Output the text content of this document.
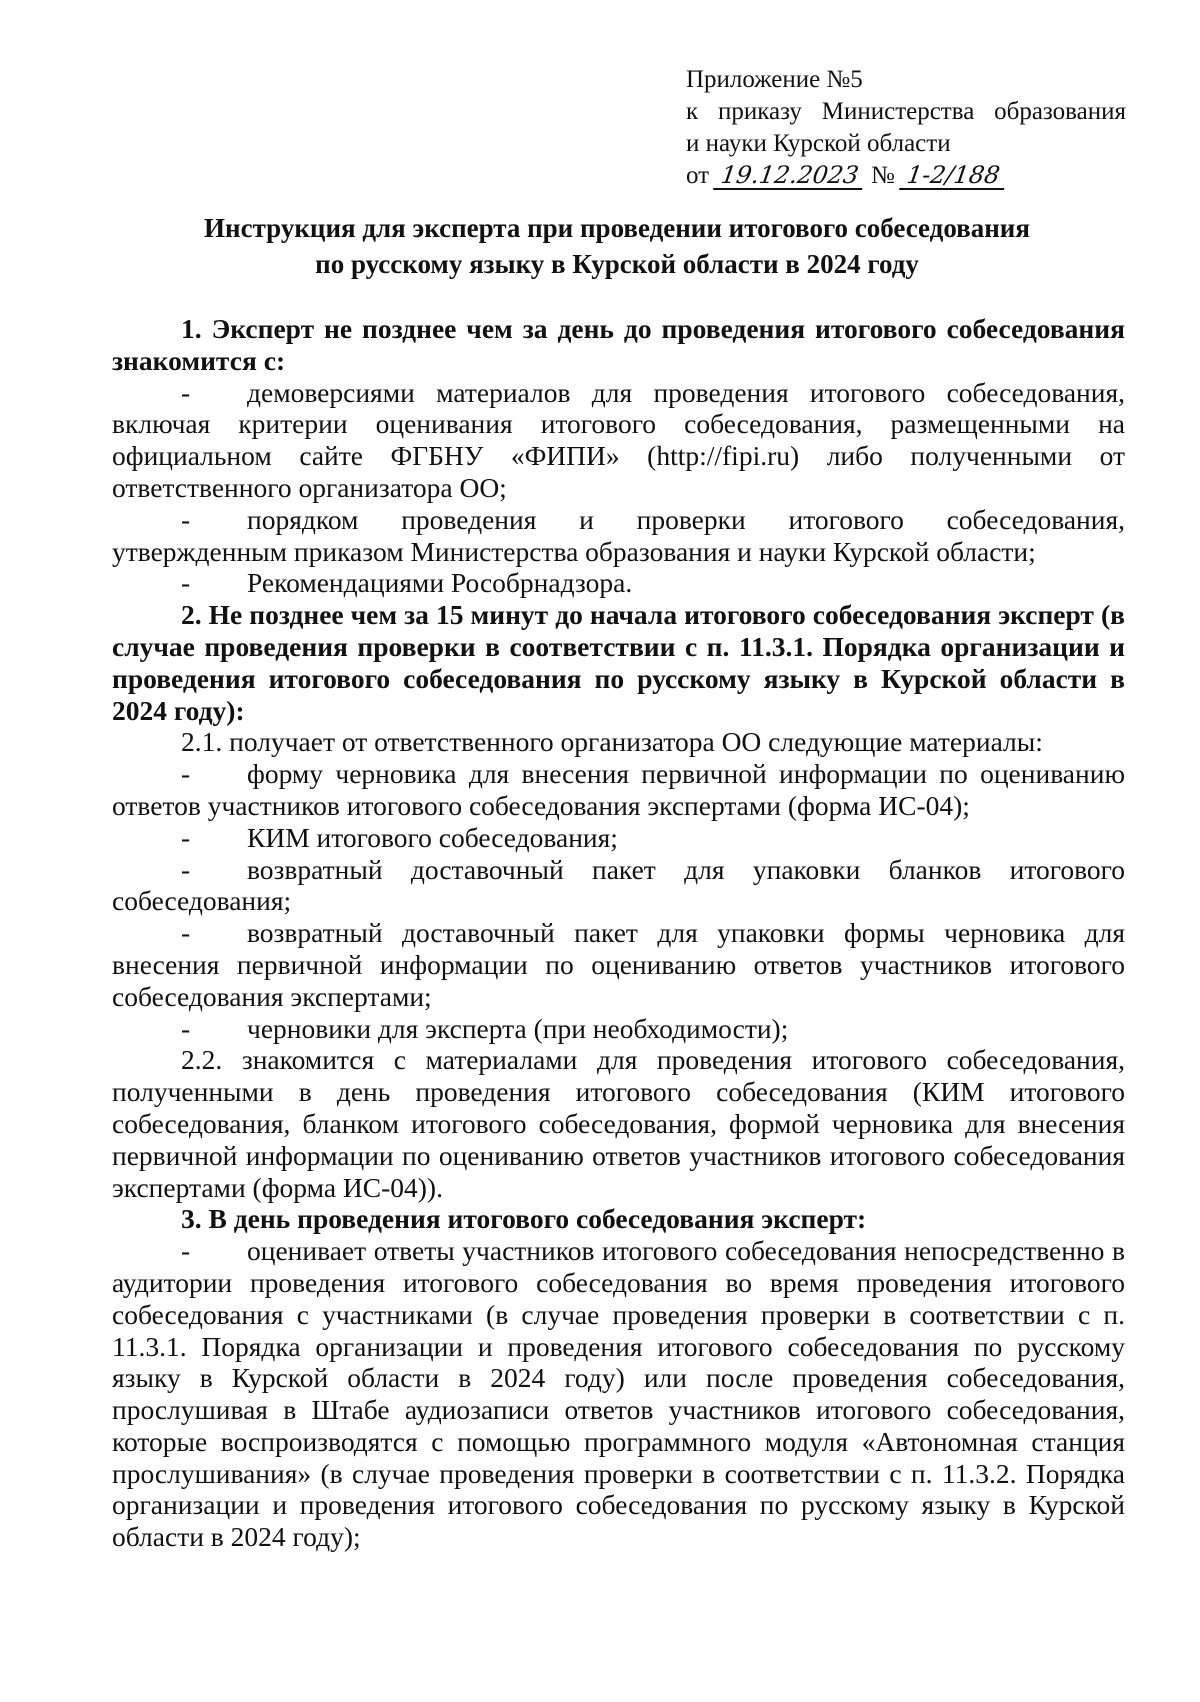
Приложение №5
к приказу Министерства образования
и науки Курской области
от 19.12.2023 № 1-2/188
Инструкция для эксперта при проведении итогового собеседования
по русскому языку в Курской области в 2024 году

1. Эксперт не позднее чем за день до проведения итогового собеседования знакомится с:

- демоверсиями материалов для проведения итогового собеседования, включая критерии оценивания итогового собеседования, размещенными на официальном сайте ФГБНУ «ФИПИ» (http://fipi.ru) либо полученными от ответственного организатора ОО;

- порядком проведения и проверки итогового собеседования, утвержденным приказом Министерства образования и науки Курской области;

- Рекомендациями Рособрнадзора.

2. Не позднее чем за 15 минут до начала итогового собеседования эксперт (в случае проведения проверки в соответствии с п. 11.3.1. Порядка организации и проведения итогового собеседования по русскому языку в Курской области в 2024 году):

2.1. получает от ответственного организатора ОО следующие материалы:

- форму черновика для внесения первичной информации по оцениванию ответов участников итогового собеседования экспертами (форма ИС-04);

- КИМ итогового собеседования;

- возвратный доставочный пакет для упаковки бланков итогового собеседования;

- возвратный доставочный пакет для упаковки формы черновика для внесения первичной информации по оцениванию ответов участников итогового собеседования экспертами;

- черновики для эксперта (при необходимости);

2.2. знакомится с материалами для проведения итогового собеседования, полученными в день проведения итогового собеседования (КИМ итогового собеседования, бланком итогового собеседования, формой черновика для внесения первичной информации по оцениванию ответов участников итогового собеседования экспертами (форма ИС-04)).

3. В день проведения итогового собеседования эксперт:

- оценивает ответы участников итогового собеседования непосредственно в аудитории проведения итогового собеседования во время проведения итогового собеседования с участниками (в случае проведения проверки в соответствии с п. 11.3.1. Порядка организации и проведения итогового собеседования по русскому языку в Курской области в 2024 году) или после проведения собеседования, прослушивая в Штабе аудиозаписи ответов участников итогового собеседования, которые воспроизводятся с помощью программного модуля «Автономная станция прослушивания» (в случае проведения проверки в соответствии с п. 11.3.2. Порядка организации и проведения итогового собеседования по русскому языку в Курской области в 2024 году);
